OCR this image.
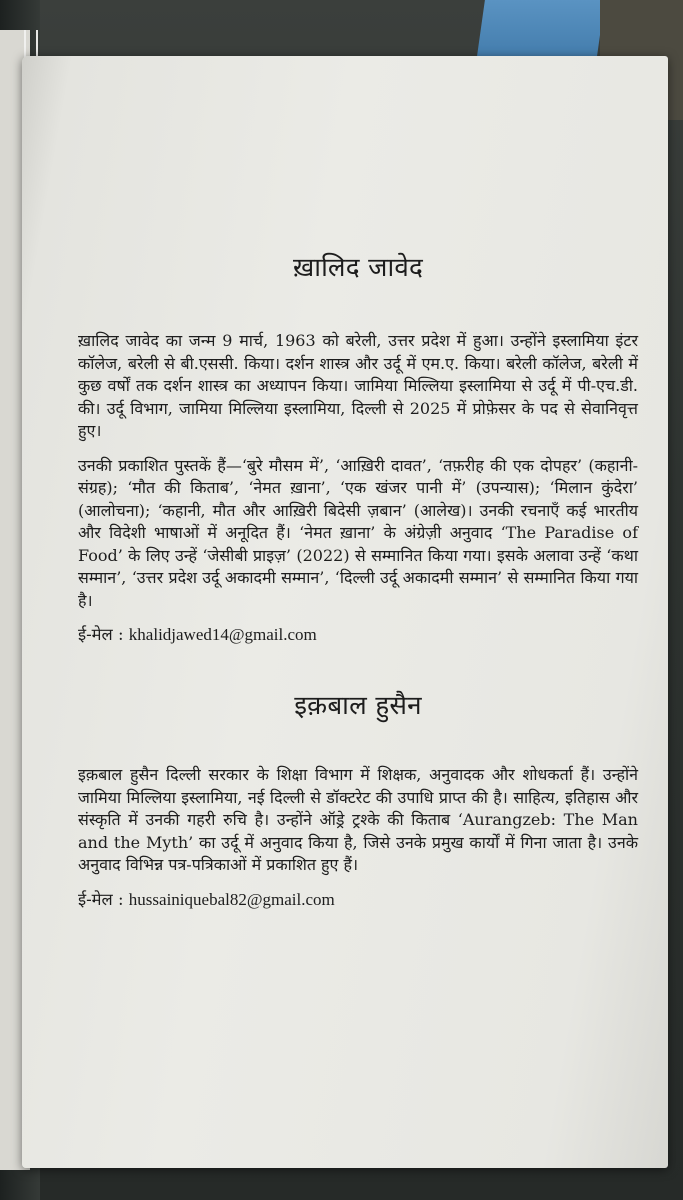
ख़ालिद जावेद

ख़ालिद जावेद का जन्म 9 मार्च, 1963 को बरेली, उत्तर प्रदेश में हुआ। उन्होंने इस्लामिया इंटर कॉलेज, बरेली से बी.एससी. किया। दर्शन शास्त्र और उर्दू में एम.ए. किया। बरेली कॉलेज, बरेली में कुछ वर्षों तक दर्शन शास्त्र का अध्यापन किया। जामिया मिल्लिया इस्लामिया से उर्दू में पी-एच.डी. की। उर्दू विभाग, जामिया मिल्लिया इस्लामिया, दिल्ली से 2025 में प्रोफ़ेसर के पद से सेवानिवृत्त हुए।

उनकी प्रकाशित पुस्तकें हैं—‘बुरे मौसम में’, ‘आख़िरी दावत’, ‘तफ़रीह की एक दोपहर’ (कहानी-संग्रह); ‘मौत की किताब’, ‘नेमत ख़ाना’, ‘एक खंजर पानी में’ (उपन्यास); ‘मिलान कुंदेरा’ (आलोचना); ‘कहानी, मौत और आख़िरी बिदेसी ज़बान’ (आलेख)। उनकी रचनाएँ कई भारतीय और विदेशी भाषाओं में अनूदित हैं। ‘नेमत ख़ाना’ के अंग्रेज़ी अनुवाद ‘The Paradise of Food’ के लिए उन्हें ‘जेसीबी प्राइज़’ (2022) से सम्मानित किया गया। इसके अलावा उन्हें ‘कथा सम्मान’, ‘उत्तर प्रदेश उर्दू अकादमी सम्मान’, ‘दिल्ली उर्दू अकादमी सम्मान’ से सम्मानित किया गया है।

ई-मेल : khalidjawed14@gmail.com
इक़बाल हुसैन

इक़बाल हुसैन दिल्ली सरकार के शिक्षा विभाग में शिक्षक, अनुवादक और शोधकर्ता हैं। उन्होंने जामिया मिल्लिया इस्लामिया, नई दिल्ली से डॉक्टरेट की उपाधि प्राप्त की है। साहित्य, इतिहास और संस्कृति में उनकी गहरी रुचि है। उन्होंने ऑड्रे ट्रश्के की किताब ‘Aurangzeb: The Man and the Myth’ का उर्दू में अनुवाद किया है, जिसे उनके प्रमुख कार्यों में गिना जाता है। उनके अनुवाद विभिन्न पत्र-पत्रिकाओं में प्रकाशित हुए हैं।

ई-मेल : hussainiquebal82@gmail.com
